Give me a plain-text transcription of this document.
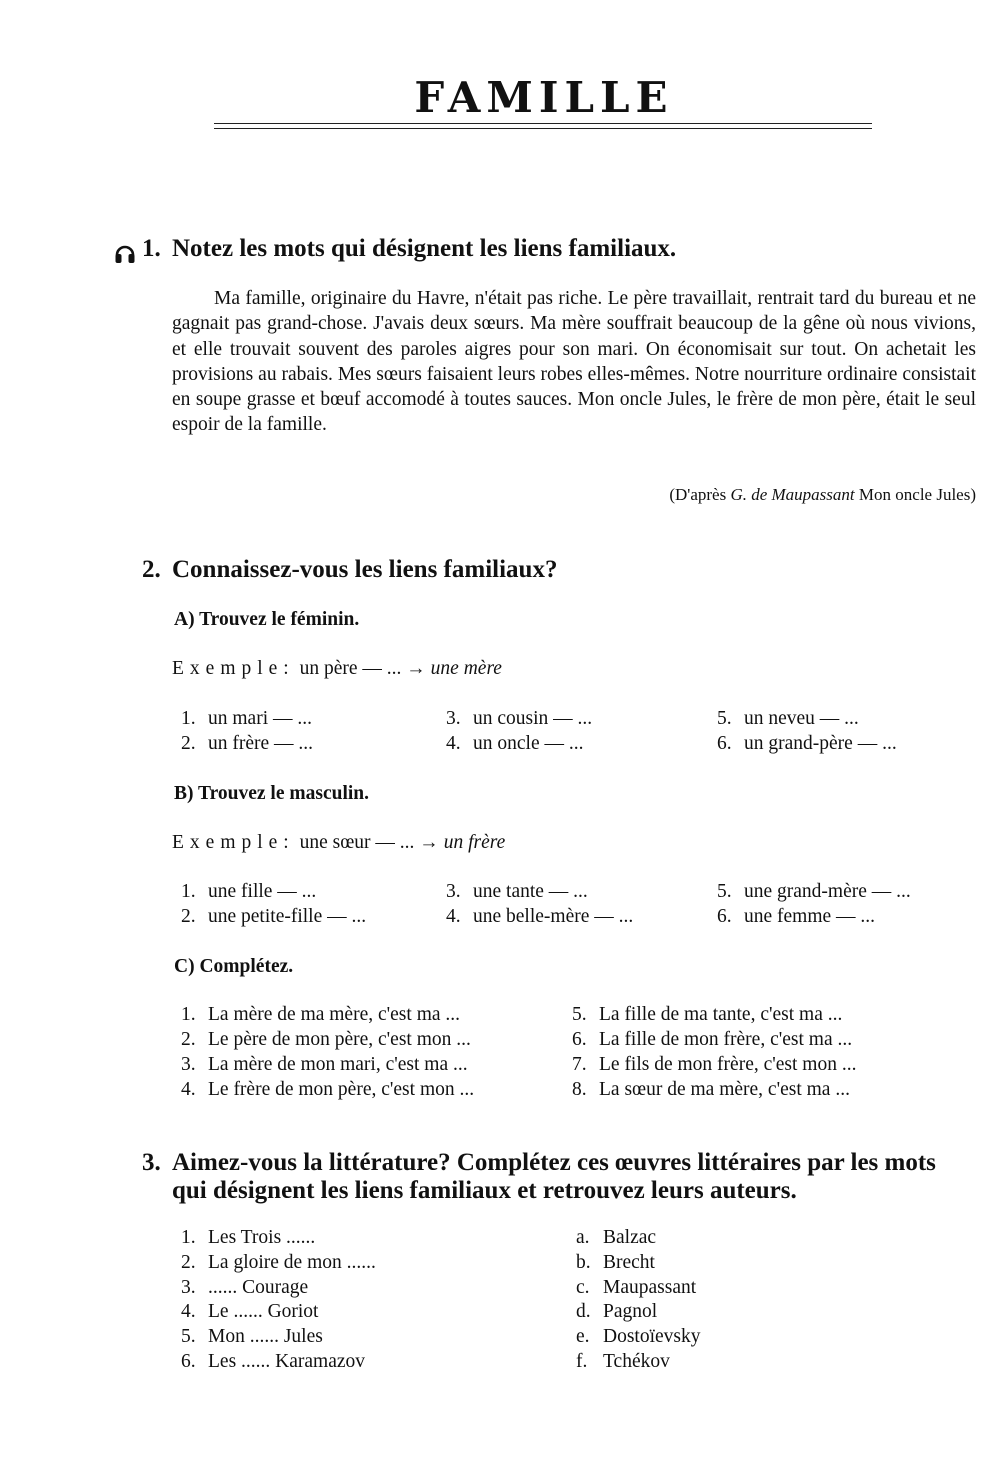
FAMILLE
1. Notez les mots qui désignent les liens familiaux.

Ma famille, originaire du Havre, n'était pas riche. Le père travaillait, rentrait tard du bureau et ne gagnait pas grand-chose. J'avais deux sœurs. Ma mère souffrait beaucoup de la gêne où nous vivions, et elle trouvait souvent des paroles aigres pour son mari. On économisait sur tout. On achetait les provisions au rabais. Mes sœurs faisaient leurs robes elles-mêmes. Notre nourriture ordinaire consistait en soupe grasse et bœuf accomodé à toutes sauces. Mon oncle Jules, le frère de mon père, était le seul espoir de la famille.

(D'après G. de Maupassant Mon oncle Jules)
2. Connaissez-vous les liens familiaux?
A) Trouvez le féminin.
Exemple: un père — ... → une mère
1. un mari — ...
2. un frère — ...
3. un cousin — ...
4. un oncle — ...
5. un neveu — ...
6. un grand-père — ...
B) Trouvez le masculin.
Exemple: une sœur — ... → un frère
1. une fille — ...
2. une petite-fille — ...
3. une tante — ...
4. une belle-mère — ...
5. une grand-mère — ...
6. une femme — ...
C) Complétez.
1. La mère de ma mère, c'est ma ...
2. Le père de mon père, c'est mon ...
3. La mère de mon mari, c'est ma ...
4. Le frère de mon père, c'est mon ...
5. La fille de ma tante, c'est ma ...
6. La fille de mon frère, c'est ma ...
7. Le fils de mon frère, c'est mon ...
8. La sœur de ma mère, c'est ma ...
3. Aimez-vous la littérature? Complétez ces œuvres littéraires par les mots
qui désignent les liens familiaux et retrouvez leurs auteurs.
1. Les Trois ......
2. La gloire de mon ......
3. ...... Courage
4. Le ...... Goriot
5. Mon ...... Jules
6. Les ...... Karamazov
a. Balzac
b. Brecht
c. Maupassant
d. Pagnol
e. Dostoïevsky
f. Tchékov
